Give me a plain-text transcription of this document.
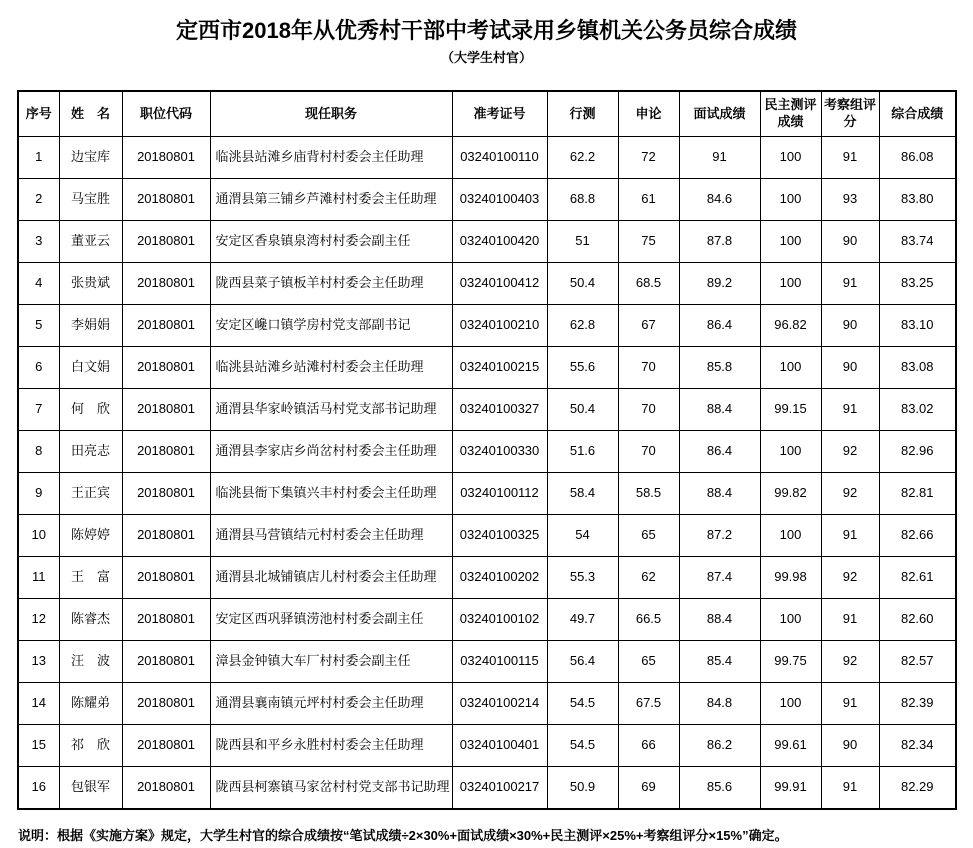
定西市2018年从优秀村干部中考试录用乡镇机关公务员综合成绩
（大学生村官）
序号	姓　名	职位代码	现任职务	准考证号	行测	申论	面试成绩	民主测评成绩	考察组评分	综合成绩
1	边宝库	20180801	临洮县站滩乡庙背村村委会主任助理	03240100110	62.2	72	91	100	91	86.08
2	马宝胜	20180801	通渭县第三铺乡芦滩村村委会主任助理	03240100403	68.8	61	84.6	100	93	83.80
3	董亚云	20180801	安定区香泉镇泉湾村村委会副主任	03240100420	51	75	87.8	100	90	83.74
4	张贵斌	20180801	陇西县菜子镇板羊村村委会主任助理	03240100412	50.4	68.5	89.2	100	91	83.25
5	李娟娟	20180801	安定区巉口镇学房村党支部副书记	03240100210	62.8	67	86.4	96.82	90	83.10
6	白文娟	20180801	临洮县站滩乡站滩村村委会主任助理	03240100215	55.6	70	85.8	100	90	83.08
7	何　欣	20180801	通渭县华家岭镇活马村党支部书记助理	03240100327	50.4	70	88.4	99.15	91	83.02
8	田亮志	20180801	通渭县李家店乡尚岔村村委会主任助理	03240100330	51.6	70	86.4	100	92	82.96
9	王正宾	20180801	临洮县衙下集镇兴丰村村委会主任助理	03240100112	58.4	58.5	88.4	99.82	92	82.81
10	陈婷婷	20180801	通渭县马营镇结元村村委会主任助理	03240100325	54	65	87.2	100	91	82.66
11	王　富	20180801	通渭县北城铺镇店儿村村委会主任助理	03240100202	55.3	62	87.4	99.98	92	82.61
12	陈睿杰	20180801	安定区西巩驿镇涝池村村委会副主任	03240100102	49.7	66.5	88.4	100	91	82.60
13	汪　波	20180801	漳县金钟镇大车厂村村委会副主任	03240100115	56.4	65	85.4	99.75	92	82.57
14	陈耀弟	20180801	通渭县襄南镇元坪村村委会主任助理	03240100214	54.5	67.5	84.8	100	91	82.39
15	祁　欣	20180801	陇西县和平乡永胜村村委会主任助理	03240100401	54.5	66	86.2	99.61	90	82.34
16	包银军	20180801	陇西县柯寨镇马家岔村村党支部书记助理	03240100217	50.9	69	85.6	99.91	91	82.29
说明：根据《实施方案》规定，大学生村官的综合成绩按“笔试成绩÷2×30%+面试成绩×30%+民主测评×25%+考察组评分×15%”确定。
